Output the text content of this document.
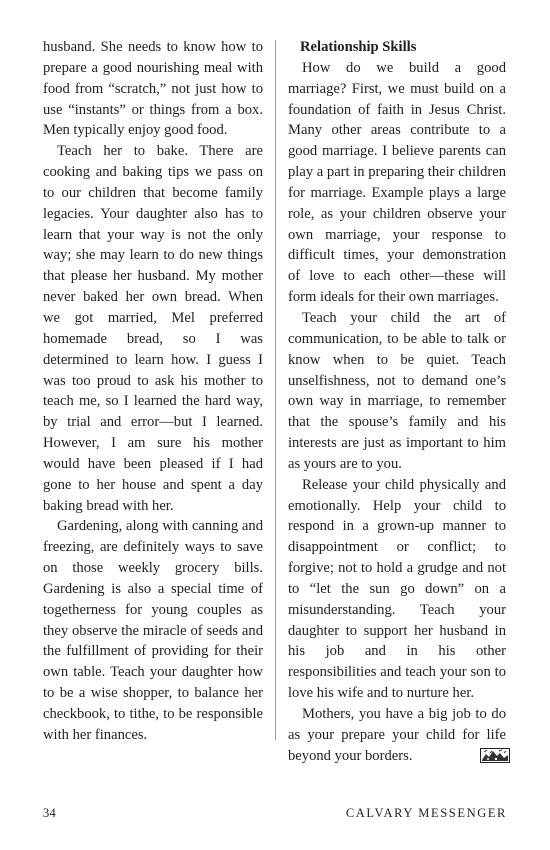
husband. She needs to know how to prepare a good nourishing meal with food from “scratch,” not just how to use “instants” or things from a box. Men typically enjoy good food.

Teach her to bake. There are cooking and baking tips we pass on to our children that become family legacies. Your daughter also has to learn that your way is not the only way; she may learn to do new things that please her husband. My mother never baked her own bread. When we got married, Mel preferred homemade bread, so I was determined to learn how. I guess I was too proud to ask his mother to teach me, so I learned the hard way, by trial and error—but I learned. However, I am sure his mother would have been pleased if I had gone to her house and spent a day baking bread with her.

Gardening, along with canning and freezing, are definitely ways to save on those weekly grocery bills. Gardening is also a special time of togetherness for young couples as they observe the miracle of seeds and the fulfillment of providing for their own table. Teach your daughter how to be a wise shopper, to balance her checkbook, to tithe, to be responsible with her finances.

Relationship Skills

How do we build a good marriage? First, we must build on a foundation of faith in Jesus Christ. Many other areas contribute to a good marriage. I believe parents can play a part in preparing their children for marriage. Example plays a large role, as your children observe your own marriage, your response to difficult times, your demonstration of love to each other—these will form ideals for their own marriages.

Teach your child the art of communication, to be able to talk or know when to be quiet. Teach unselfishness, not to demand one’s own way in marriage, to remember that the spouse’s family and his interests are just as important to him as yours are to you.

Release your child physically and emotionally. Help your child to respond in a grown-up manner to disappointment or conflict; to forgive; not to hold a grudge and not to “let the sun go down” on a misunderstanding. Teach your daughter to support her husband in his job and in his other responsibilities and teach your son to love his wife and to nurture her.

Mothers, you have a big job to do as your prepare your child for life beyond your borders.

34	CALVARY MESSENGER
